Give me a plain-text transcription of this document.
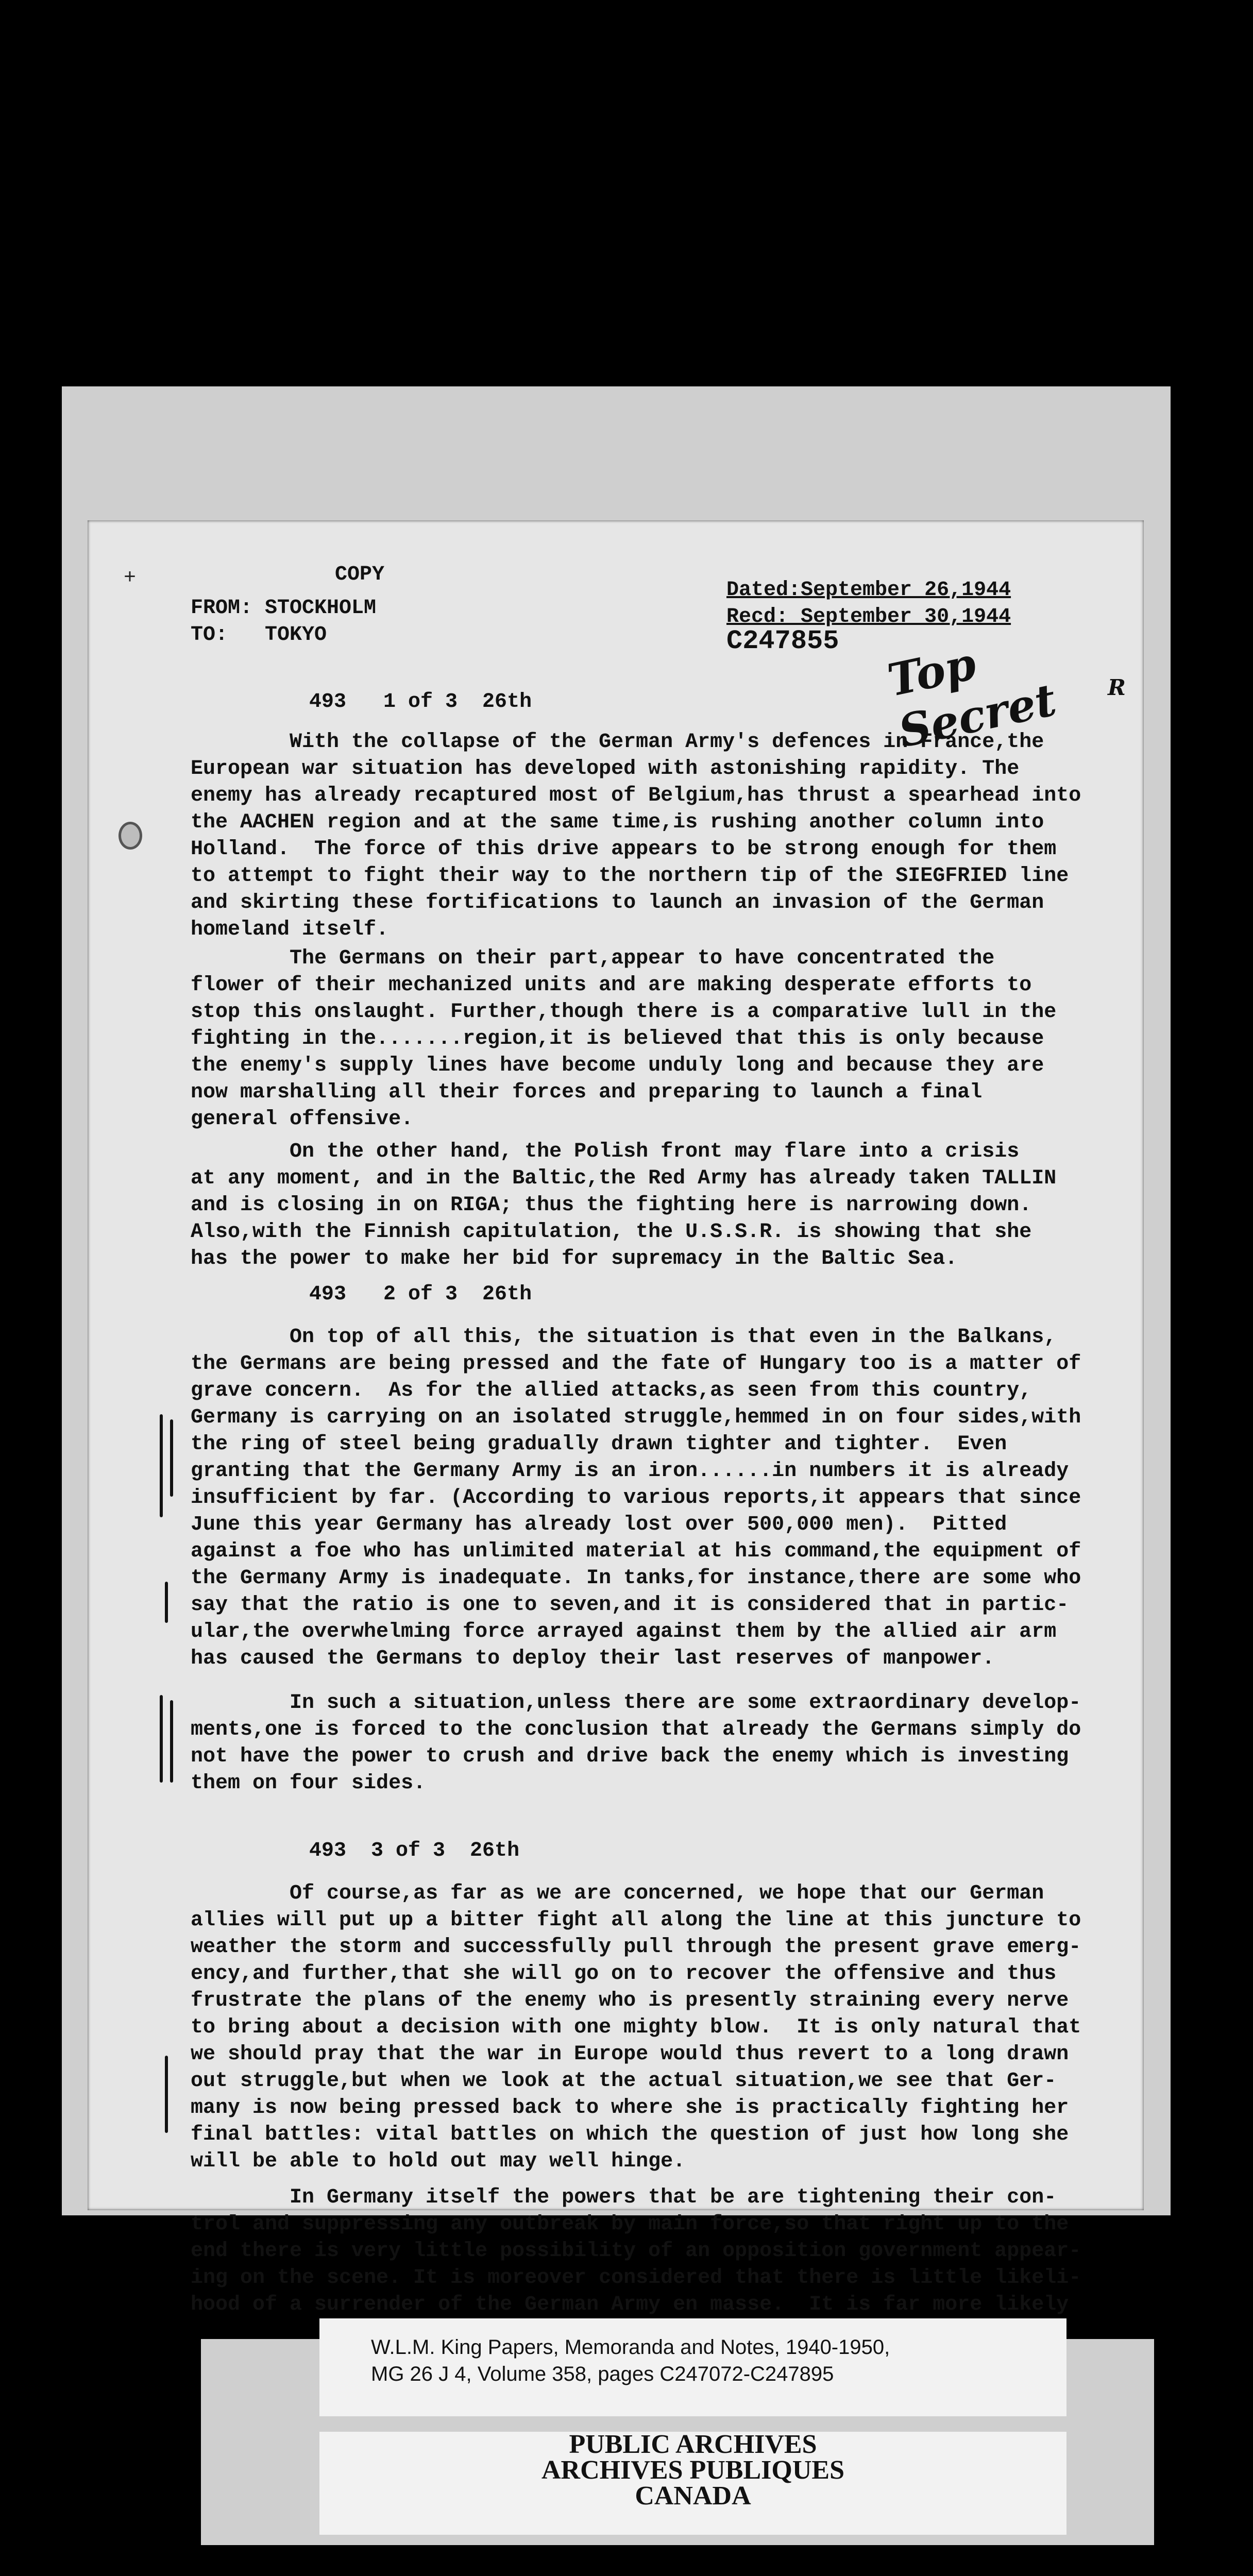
+	COPY
FROM: STOCKHOLM
TO:   TOKYO
Dated:September 26,1944
Recd: September 30,1944
C247855 Top Secret	R
493   1 of 3  26th
With the collapse of the German Army's defences in France,the
European war situation has developed with astonishing rapidity. The
enemy has already recaptured most of Belgium,has thrust a spearhead into
the AACHEN region and at the same time,is rushing another column into
Holland.  The force of this drive appears to be strong enough for them
to attempt to fight their way to the northern tip of the SIEGFRIED line
and skirting these fortifications to launch an invasion of the German
homeland itself.
The Germans on their part,appear to have concentrated the
flower of their mechanized units and are making desperate efforts to
stop this onslaught. Further,though there is a comparative lull in the
fighting in the.......region,it is believed that this is only because
the enemy's supply lines have become unduly long and because they are
now marshalling all their forces and preparing to launch a final
general offensive.
On the other hand, the Polish front may flare into a crisis
at any moment, and in the Baltic,the Red Army has already taken TALLIN
and is closing in on RIGA; thus the fighting here is narrowing down.
Also,with the Finnish capitulation, the U.S.S.R. is showing that she
has the power to make her bid for supremacy in the Baltic Sea.
493   2 of 3  26th
On top of all this, the situation is that even in the Balkans,
the Germans are being pressed and the fate of Hungary too is a matter of
grave concern.  As for the allied attacks,as seen from this country,
Germany is carrying on an isolated struggle,hemmed in on four sides,with
the ring of steel being gradually drawn tighter and tighter.  Even
granting that the Germany Army is an iron......in numbers it is already
insufficient by far. (According to various reports,it appears that since
June this year Germany has already lost over 500,000 men).  Pitted
against a foe who has unlimited material at his command,the equipment of
the Germany Army is inadequate. In tanks,for instance,there are some who
say that the ratio is one to seven,and it is considered that in partic-
ular,the overwhelming force arrayed against them by the allied air arm
has caused the Germans to deploy their last reserves of manpower.
In such a situation,unless there are some extraordinary develop-
ments,one is forced to the conclusion that already the Germans simply do
not have the power to crush and drive back the enemy which is investing
them on four sides.
493  3 of 3  26th
Of course,as far as we are concerned, we hope that our German
allies will put up a bitter fight all along the line at this juncture to
weather the storm and successfully pull through the present grave emerg-
ency,and further,that she will go on to recover the offensive and thus
frustrate the plans of the enemy who is presently straining every nerve
to bring about a decision with one mighty blow.  It is only natural that
we should pray that the war in Europe would thus revert to a long drawn
out struggle,but when we look at the actual situation,we see that Ger-
many is now being pressed back to where she is practically fighting her
final battles: vital battles on which the question of just how long she
will be able to hold out may well hinge.
In Germany itself the powers that be are tightening their con-
trol and suppressing any outbreak by main force,so that right up to the
end there is very little possibility of an opposition government appear-
ing on the scene. It is moreover considered that there is little likeli-
hood of a surrender of the German Army en masse.  It is far more likely
W.L.M. King Papers, Memoranda and Notes, 1940-1950,
MG 26 J 4, Volume 358, pages C247072-C247895
PUBLIC ARCHIVES
ARCHIVES PUBLIQUES
CANADA
